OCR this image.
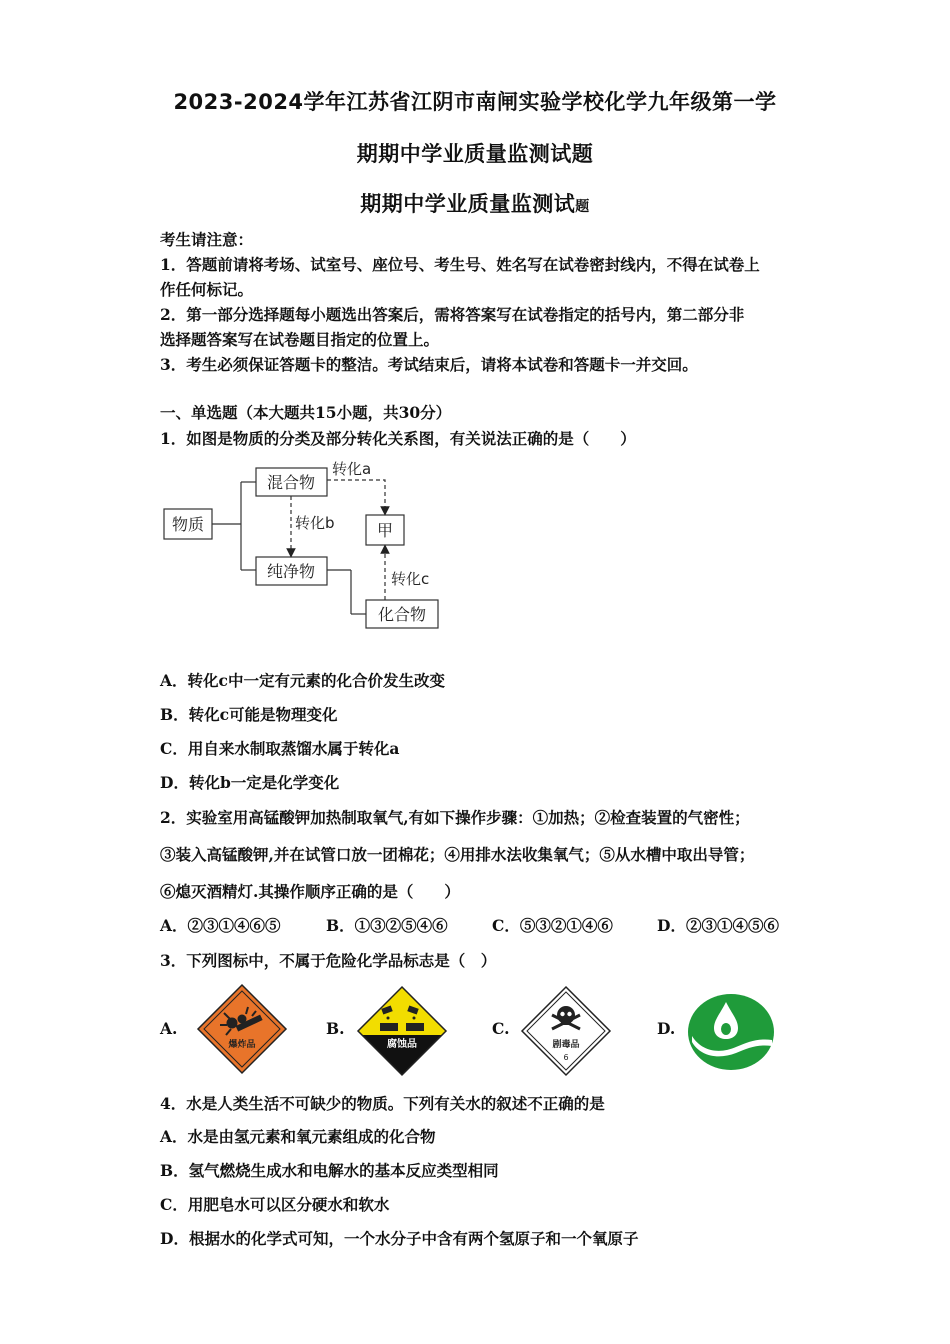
2023-2024学年江苏省江阴市南闸实验学校化学九年级第一学
期期中学业质量监测试题
期期中学业质量监测试题
考生请注意：
1．答题前请将考场、试室号、座位号、考生号、姓名写在试卷密封线内，不得在试卷上
作任何标记。
2．第一部分选择题每小题选出答案后，需将答案写在试卷指定的括号内，第二部分非
选择题答案写在试卷题目指定的位置上。
3．考生必须保证答题卡的整洁。考试结束后，请将本试卷和答题卡一并交回。
一、单选题（本大题共15小题，共30分）
1．如图是物质的分类及部分转化关系图，有关说法正确的是（　　）
物质
混合物
纯净物
甲
化合物
转化a
转化b
转化c
A．转化c中一定有元素的化合价发生改变
B．转化c可能是物理变化
C．用自来水制取蒸馏水属于转化a
D．转化b一定是化学变化
2．实验室用高锰酸钾加热制取氧气,有如下操作步骤：①加热；②检查装置的气密性；
③装入高锰酸钾,并在试管口放一团棉花；④用排水法收集氧气；⑤从水槽中取出导管；
⑥熄灭酒精灯.其操作顺序正确的是（　　）
A．②③①④⑥⑤	B．①③②⑤④⑥	C．⑤③②①④⑥	D．②③①④⑤⑥
3．下列图标中，不属于危险化学品标志是（　）
A.	B.	C.	D.
爆炸品	腐蚀品	剧毒品
6
4．水是人类生活不可缺少的物质。下列有关水的叙述不正确的是
A．水是由氢元素和氧元素组成的化合物
B．氢气燃烧生成水和电解水的基本反应类型相同
C．用肥皂水可以区分硬水和软水
D．根据水的化学式可知，一个水分子中含有两个氢原子和一个氧原子
